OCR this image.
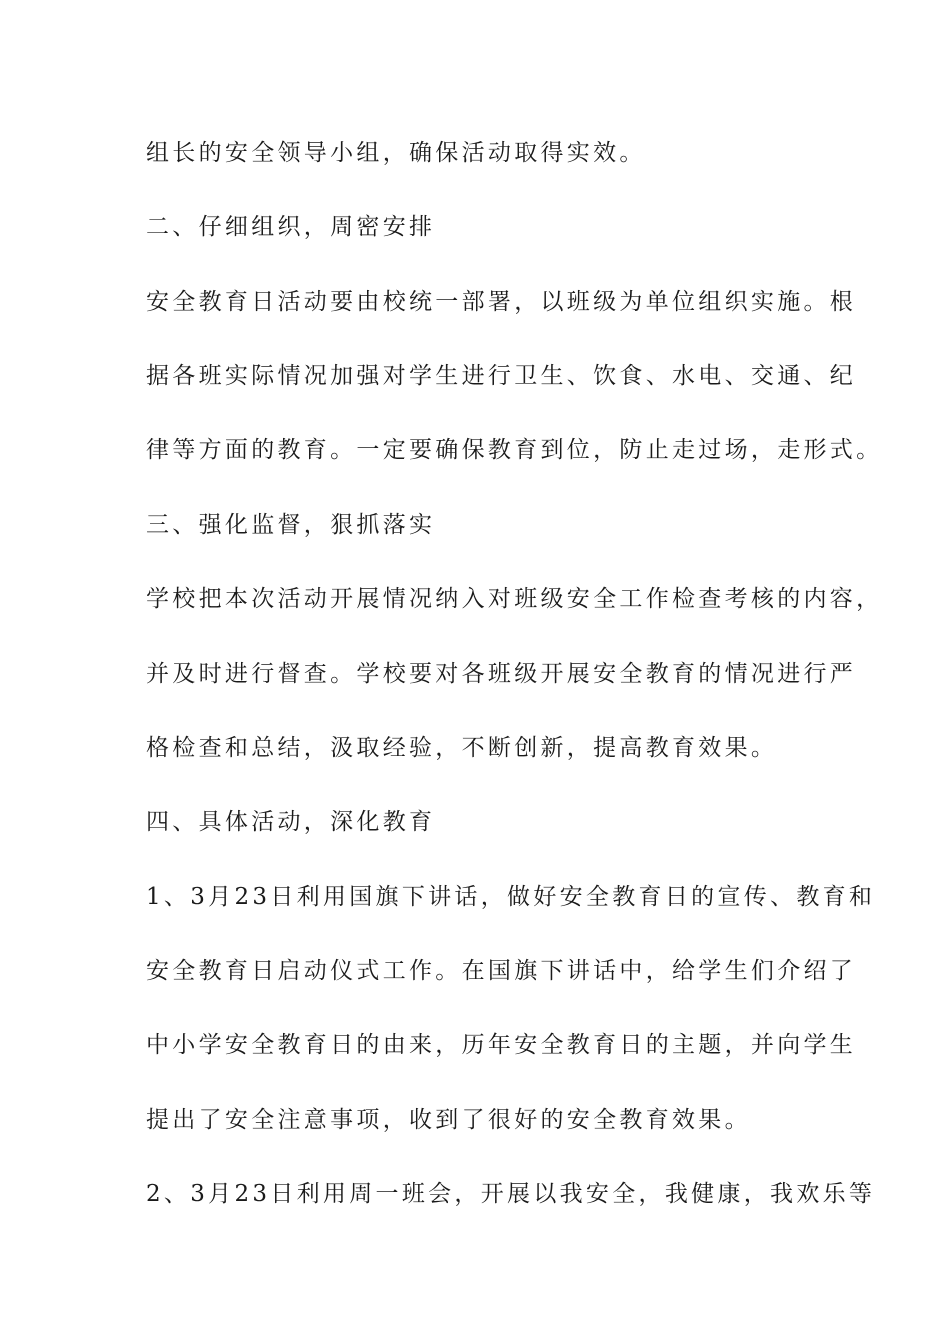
组长的安全领导小组，确保活动取得实效。
二、仔细组织，周密安排
安全教育日活动要由校统一部署，以班级为单位组织实施。根
据各班实际情况加强对学生进行卫生、饮食、水电、交通、纪
律等方面的教育。一定要确保教育到位，防止走过场，走形式。
三、强化监督，狠抓落实
学校把本次活动开展情况纳入对班级安全工作检查考核的内容，
并及时进行督查。学校要对各班级开展安全教育的情况进行严
格检查和总结，汲取经验，不断创新，提高教育效果。
四、具体活动，深化教育
1、3月23日利用国旗下讲话，做好安全教育日的宣传、教育和
安全教育日启动仪式工作。在国旗下讲话中，给学生们介绍了
中小学安全教育日的由来，历年安全教育日的主题，并向学生
提出了安全注意事项，收到了很好的安全教育效果。
2、3月23日利用周一班会，开展以我安全，我健康，我欢乐等
